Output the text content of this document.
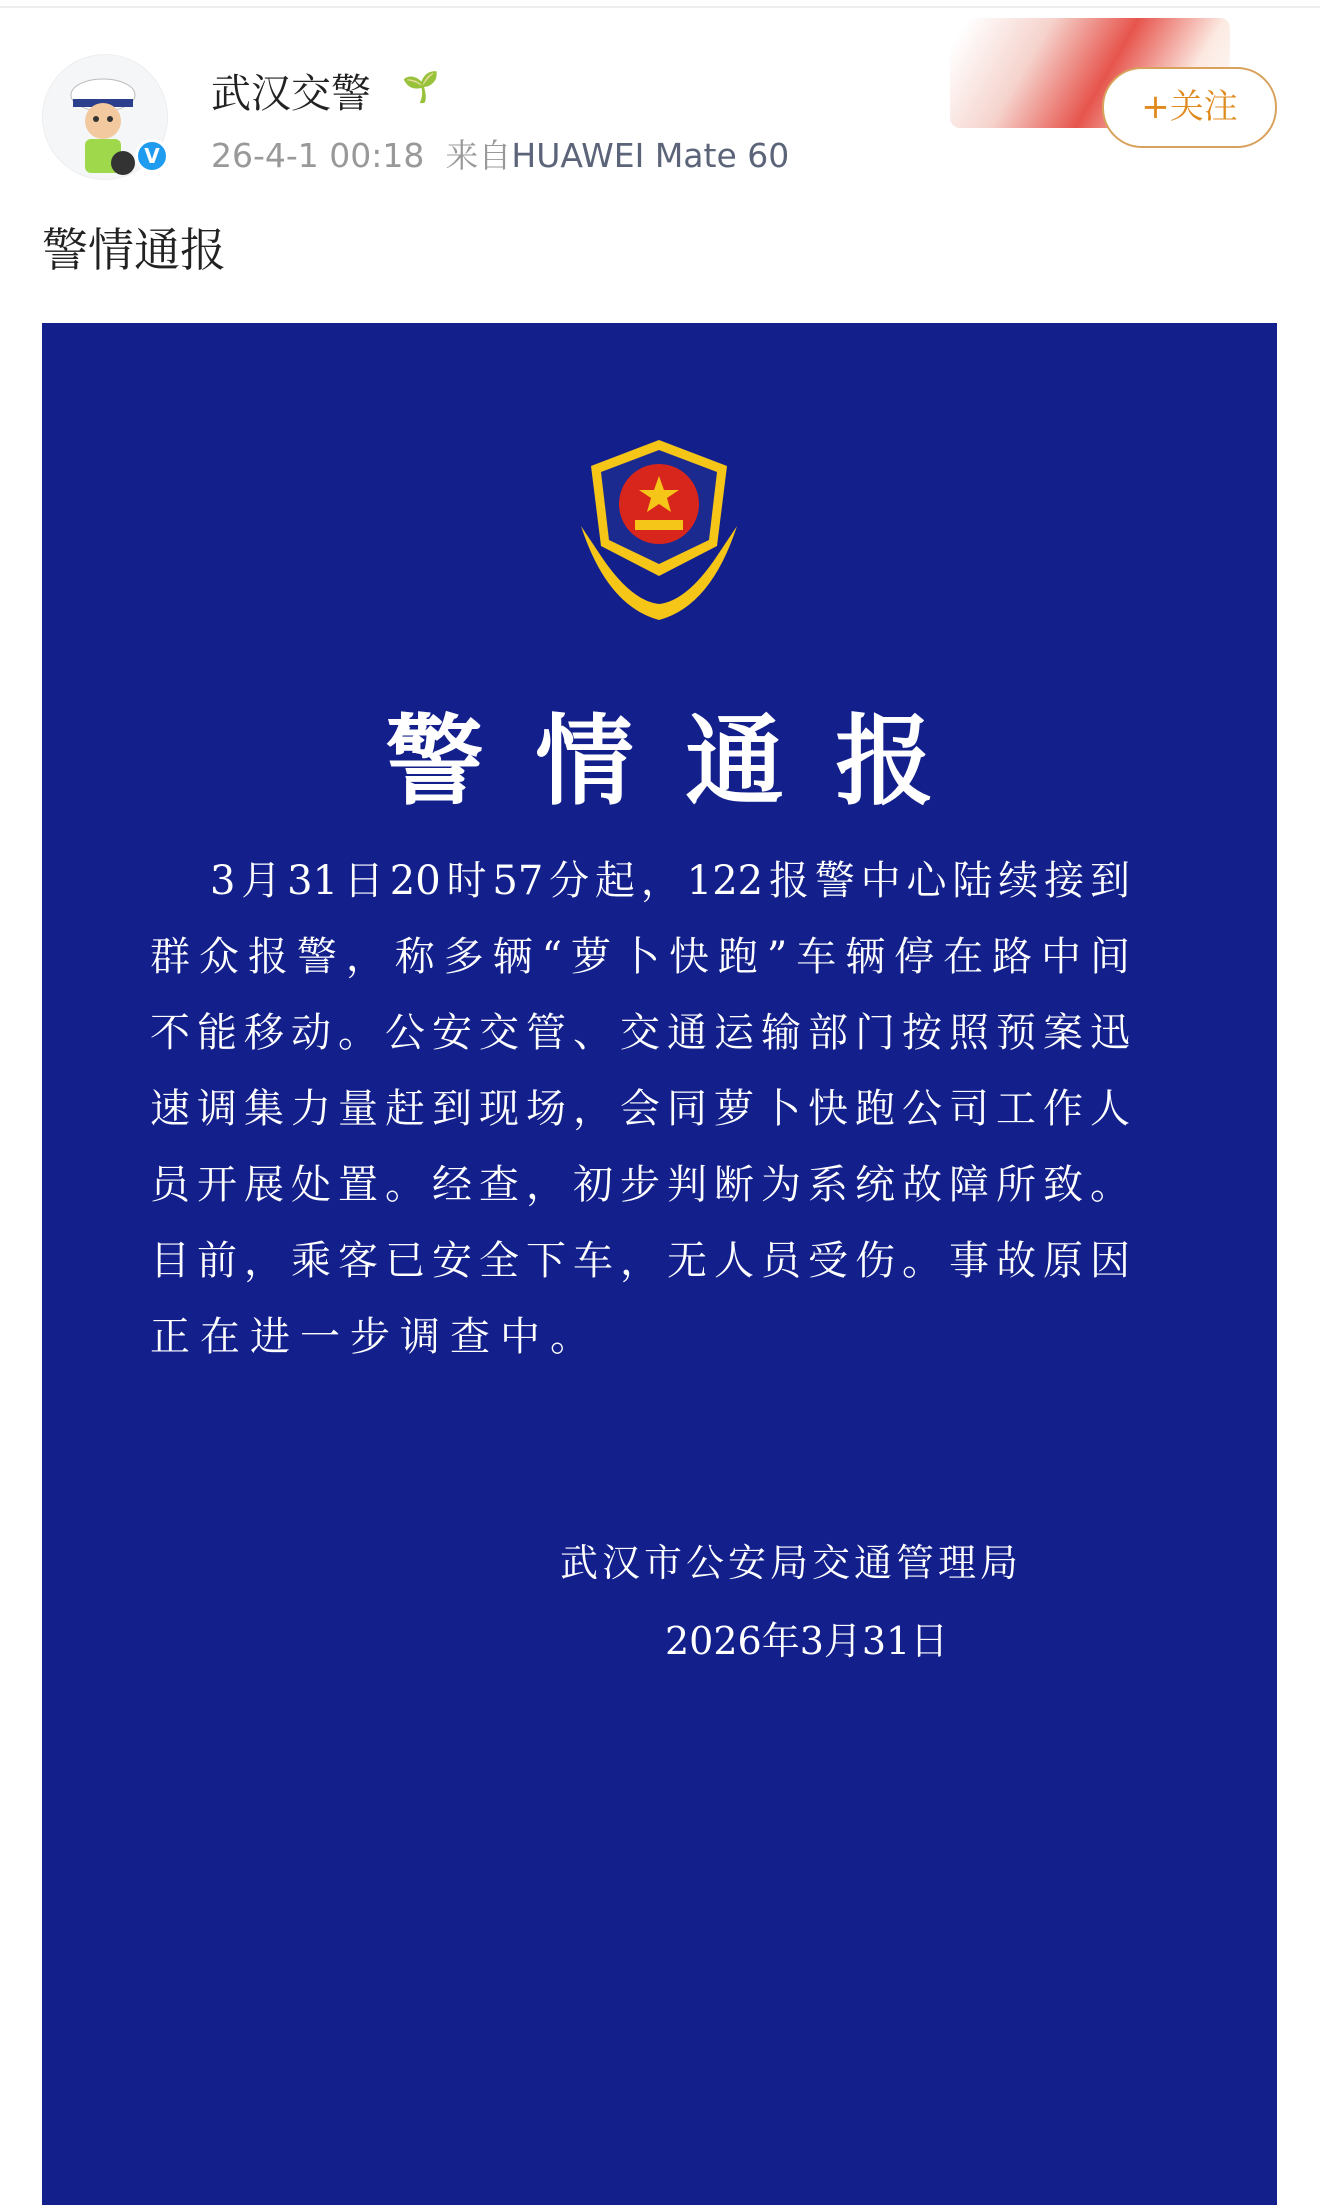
V
武汉交警 🌱
26-4-1 00:18 来自HUAWEI Mate 60
+关注
警情通报
警情通报
3月31日20时57分起，122报警中心陆续接到
群众报警，称多辆“萝卜快跑”车辆停在路中间
不能移动。公安交管、交通运输部门按照预案迅
速调集力量赶到现场，会同萝卜快跑公司工作人
员开展处置。经查，初步判断为系统故障所致。
目前，乘客已安全下车，无人员受伤。事故原因
正在进一步调查中。
武汉市公安局交通管理局
2026年3月31日
